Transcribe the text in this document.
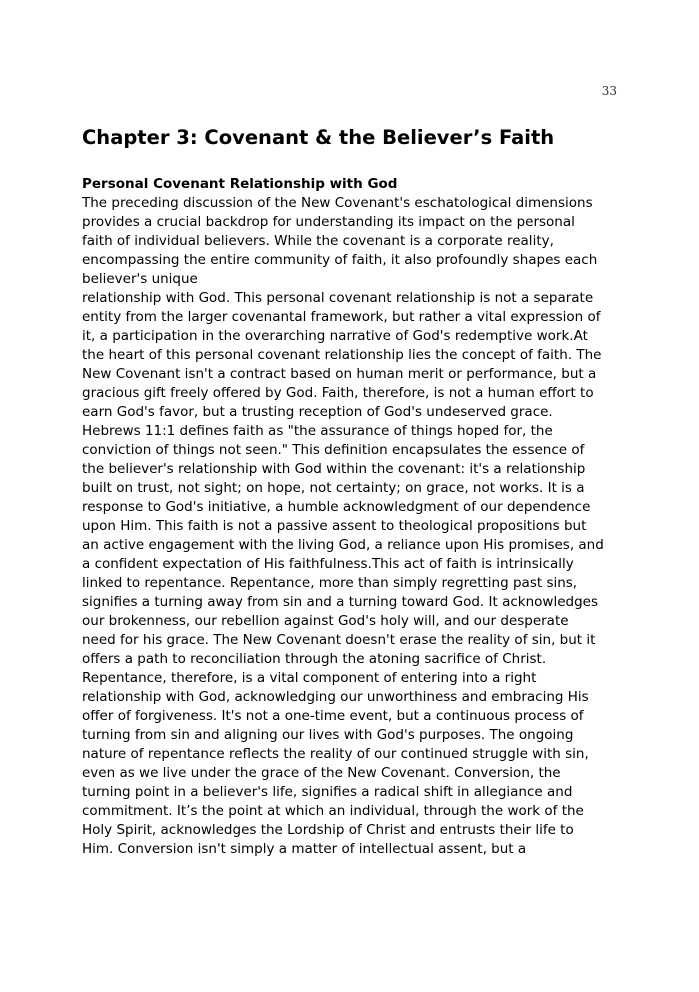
33
Chapter 3: Covenant & the Believer’s Faith
Personal Covenant Relationship with God
The preceding discussion of the New Covenant's eschatological dimensions
provides a crucial backdrop for understanding its impact on the personal
faith of individual believers. While the covenant is a corporate reality,
encompassing the entire community of faith, it also profoundly shapes each
believer's unique
relationship with God. This personal covenant relationship is not a separate
entity from the larger covenantal framework, but rather a vital expression of
it, a participation in the overarching narrative of God's redemptive work.At
the heart of this personal covenant relationship lies the concept of faith. The
New Covenant isn't a contract based on human merit or performance, but a
gracious gift freely offered by God. Faith, therefore, is not a human effort to
earn God's favor, but a trusting reception of God's undeserved grace.
Hebrews 11:1 defines faith as "the assurance of things hoped for, the
conviction of things not seen." This definition encapsulates the essence of
the believer's relationship with God within the covenant: it's a relationship
built on trust, not sight; on hope, not certainty; on grace, not works. It is a
response to God's initiative, a humble acknowledgment of our dependence
upon Him. This faith is not a passive assent to theological propositions but
an active engagement with the living God, a reliance upon His promises, and
a confident expectation of His faithfulness.This act of faith is intrinsically
linked to repentance. Repentance, more than simply regretting past sins,
signifies a turning away from sin and a turning toward God. It acknowledges
our brokenness, our rebellion against God's holy will, and our desperate
need for his grace. The New Covenant doesn't erase the reality of sin, but it
offers a path to reconciliation through the atoning sacrifice of Christ.
Repentance, therefore, is a vital component of entering into a right
relationship with God, acknowledging our unworthiness and embracing His
offer of forgiveness. It's not a one-time event, but a continuous process of
turning from sin and aligning our lives with God's purposes. The ongoing
nature of repentance reflects the reality of our continued struggle with sin,
even as we live under the grace of the New Covenant. Conversion, the
turning point in a believer's life, signifies a radical shift in allegiance and
commitment. It’s the point at which an individual, through the work of the
Holy Spirit, acknowledges the Lordship of Christ and entrusts their life to
Him. Conversion isn't simply a matter of intellectual assent, but a
